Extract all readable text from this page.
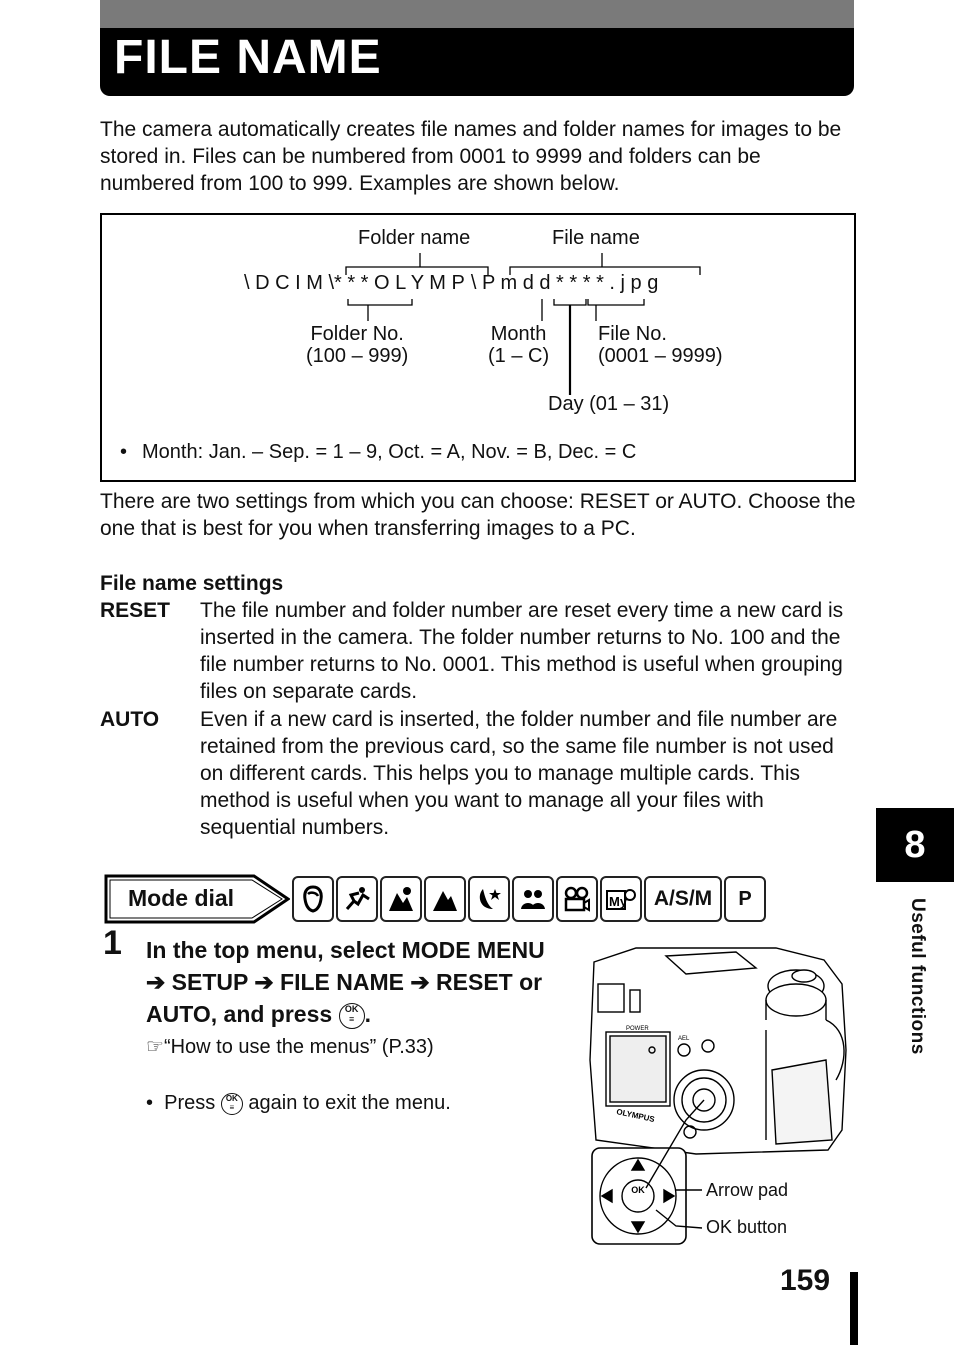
FILE NAME
The camera automatically creates file names and folder names for images to be stored in. Files can be numbered from 0001 to 9999 and folders can be numbered from 100 to 999. Examples are shown below.
Folder name	File name
\ D C I M \* * * O L Y M P \ P m d d * * * * . j p g
Folder No.
(100 – 999)
Month
(1 – C)
File No.
(0001 – 9999)
Day (01 – 31)
• Month: Jan. – Sep. = 1 – 9, Oct. = A, Nov. = B, Dec. = C
There are two settings from which you can choose: RESET or AUTO. Choose the one that is best for you when transferring images to a PC.
File name settings
RESET The file number and folder number are reset every time a new card is inserted in the camera. The folder number returns to No. 100 and the file number returns to No. 0001. This method is useful when grouping files on separate cards.
AUTO Even if a new card is inserted, the folder number and file number are retained from the previous card, so the same file number is not used on different cards. This helps you to manage multiple cards. This method is useful when you want to manage all your files with sequential numbers.
Mode dial	My	A/S/M	P
1 In the top menu, select MODE MENU ➔ SETUP ➔ FILE NAME ➔ RESET or AUTO, and press OK
≡ .
☞“How to use the menus” (P.33)
• Press OK
≡ again to exit the menu.
OK
OLYMPUS
POWER
AEL
Arrow pad
OK button
8
Useful functions
159
